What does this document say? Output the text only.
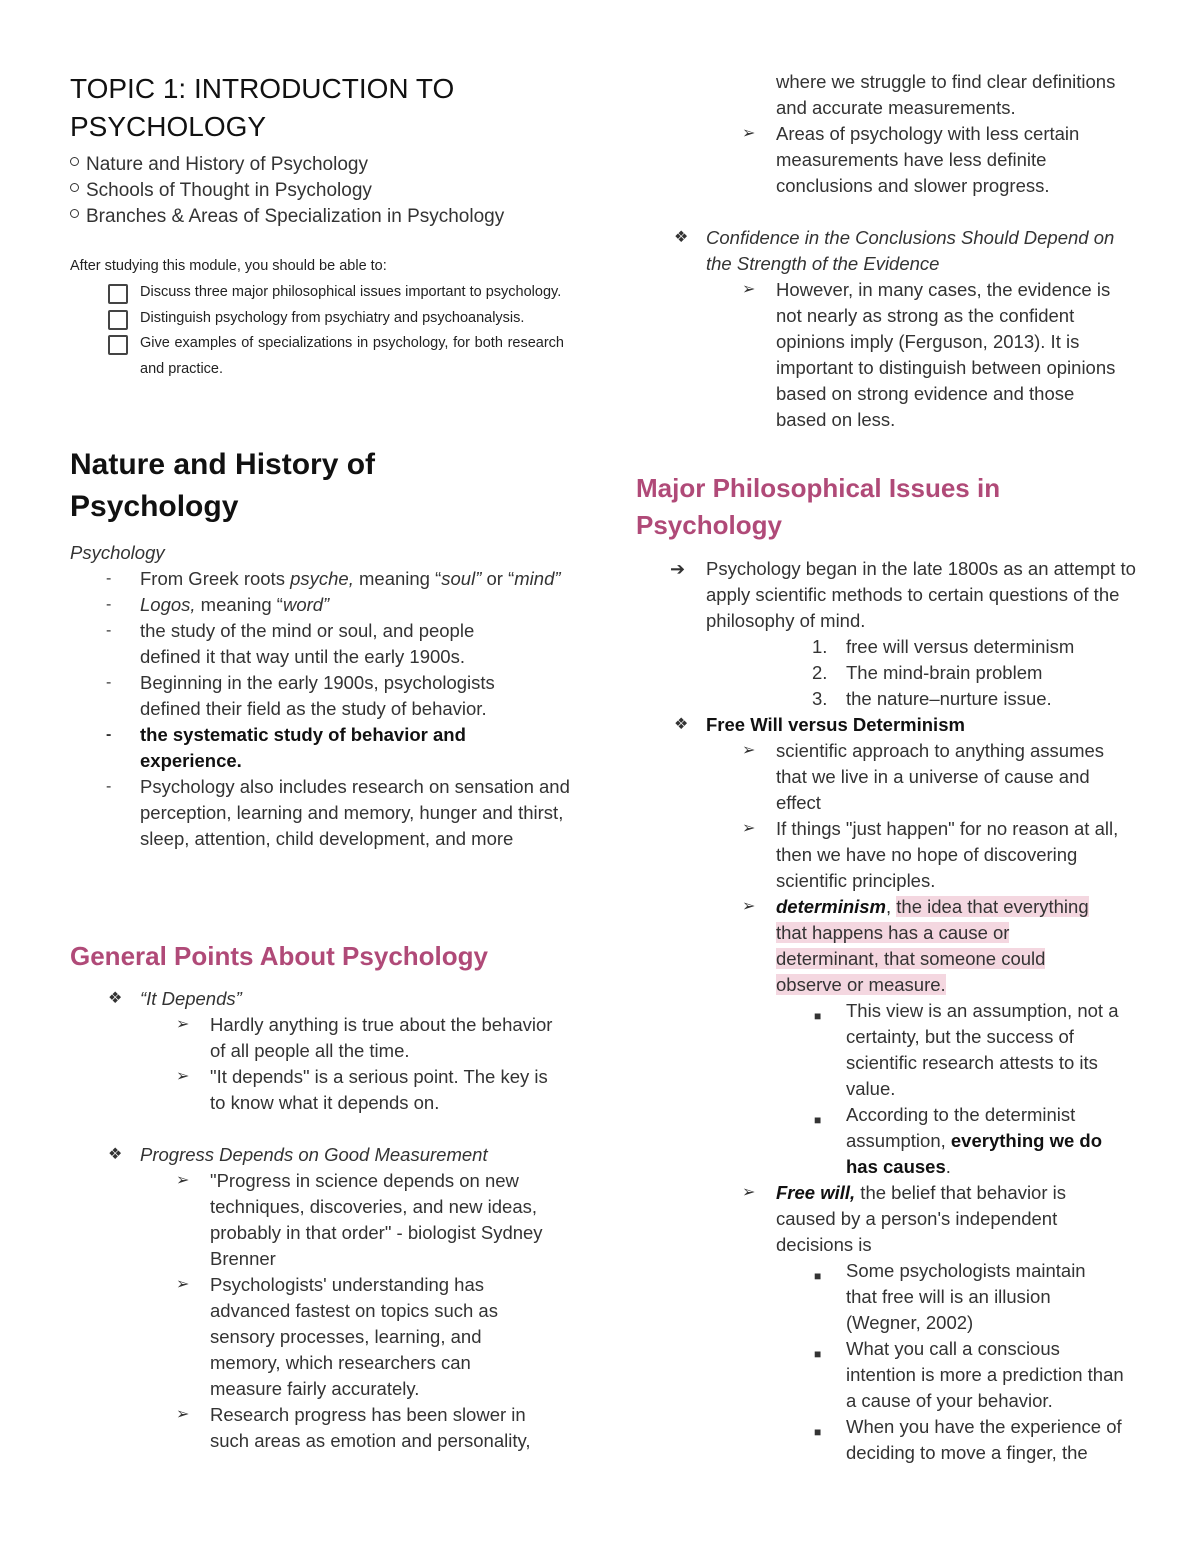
TOPIC 1: INTRODUCTION TO PSYCHOLOGY
Nature and History of Psychology
Schools of Thought in Psychology
Branches & Areas of Specialization in Psychology
After studying this module, you should be able to:
Discuss three major philosophical issues important to psychology.
Distinguish psychology from psychiatry and psychoanalysis.
Give examples of specializations in psychology, for both research and practice.
Nature and History of Psychology
Psychology
- From Greek roots psyche, meaning “soul” or “mind”
- Logos, meaning “word”
- the study of the mind or soul, and people defined it that way until the early 1900s.
- Beginning in the early 1900s, psychologists defined their field as the study of behavior.
- the systematic study of behavior and experience.
- Psychology also includes research on sensation and perception, learning and memory, hunger and thirst, sleep, attention, child development, and more
General Points About Psychology
❖ “It Depends”
➢ Hardly anything is true about the behavior of all people all the time.
➢ "It depends" is a serious point. The key is to know what it depends on.
❖ Progress Depends on Good Measurement
➢ "Progress in science depends on new techniques, discoveries, and new ideas, probably in that order" - biologist Sydney Brenner
➢ Psychologists' understanding has advanced fastest on topics such as sensory processes, learning, and memory, which researchers can measure fairly accurately.
➢ Research progress has been slower in such areas as emotion and personality,
where we struggle to find clear definitions and accurate measurements.
➢ Areas of psychology with less certain measurements have less definite conclusions and slower progress.
❖ Confidence in the Conclusions Should Depend on the Strength of the Evidence
➢ However, in many cases, the evidence is not nearly as strong as the confident opinions imply (Ferguson, 2013). It is important to distinguish between opinions based on strong evidence and those based on less.
Major Philosophical Issues in Psychology
➔ Psychology began in the late 1800s as an attempt to apply scientific methods to certain questions of the philosophy of mind.
1. free will versus determinism
2. The mind-brain problem
3. the nature–nurture issue.
❖ Free Will versus Determinism
➢ scientific approach to anything assumes that we live in a universe of cause and effect
➢ If things "just happen" for no reason at all, then we have no hope of discovering scientific principles.
➢ determinism, the idea that everything that happens has a cause or determinant, that someone could observe or measure.
■ This view is an assumption, not a certainty, but the success of scientific research attests to its value.
■ According to the determinist assumption, everything we do has causes.
➢ Free will, the belief that behavior is caused by a person's independent decisions is
■ Some psychologists maintain that free will is an illusion (Wegner, 2002)
■ What you call a conscious intention is more a prediction than a cause of your behavior.
■ When you have the experience of deciding to move a finger, the
